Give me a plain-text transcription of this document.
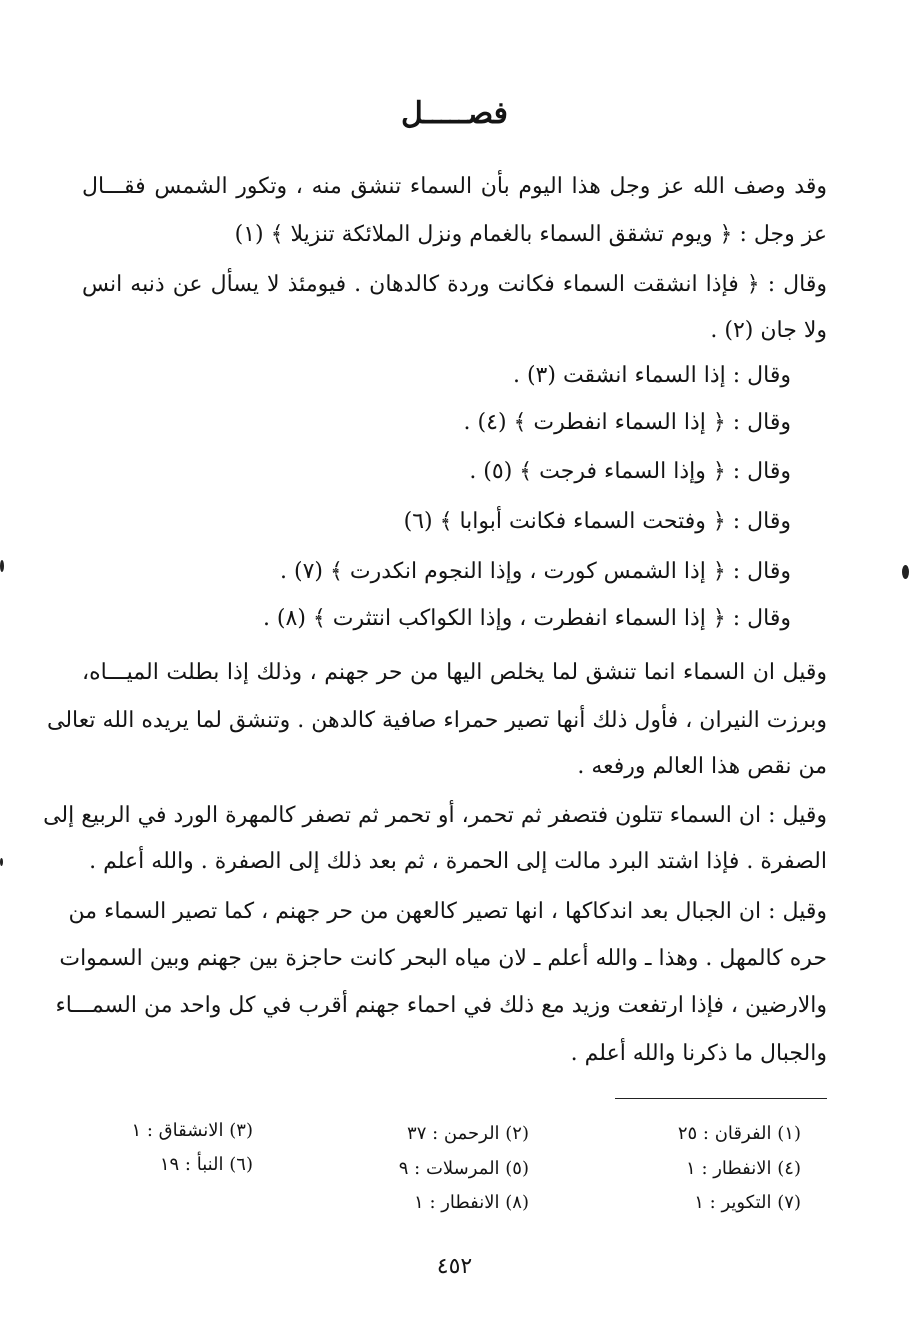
فصـــــل
وقد وصف الله عز وجل هذا اليوم بأن السماء تنشق منه ، وتكور الشمس فقـــال
عز وجل : ﴿ ويوم تشقق السماء بالغمام ونزل الملائكة تنزيلا ﴾ (١)
وقال : ﴿ فإذا انشقت السماء فكانت وردة كالدهان . فيومئذ لا يسأل عن ذنبه انس
ولا جان (٢) .
وقال : إذا السماء انشقت (٣) .
وقال : ﴿ إذا السماء انفطرت ﴾ (٤) .
وقال : ﴿ وإذا السماء فرجت ﴾ (٥) .
وقال : ﴿ وفتحت السماء فكانت أبوابا ﴾ (٦)
وقال : ﴿ إذا الشمس كورت ، وإذا النجوم انكدرت ﴾ (٧) .
وقال : ﴿ إذا السماء انفطرت ، وإذا الكواكب انتثرت ﴾ (٨) .
وقيل ان السماء انما تنشق لما يخلص اليها من حر جهنم ، وذلك إذا بطلت الميـــاه،
وبرزت النيران ، فأول ذلك أنها تصير حمراء صافية كالدهن . وتنشق لما يريده الله تعالى
من نقص هذا العالم ورفعه .
وقيل : ان السماء تتلون فتصفر ثم تحمر، أو تحمر ثم تصفر كالمهرة الورد في الربيع إلى
الصفرة . فإذا اشتد البرد مالت إلى الحمرة ، ثم بعد ذلك إلى الصفرة . والله أعلم .
وقيل : ان الجبال بعد اندكاكها ، انها تصير كالعهن من حر جهنم ، كما تصير السماء من
حره كالمهل . وهذا ـ والله أعلم ـ لان مياه البحر كانت حاجزة بين جهنم وبين السموات
والارضين ، فإذا ارتفعت وزيد مع ذلك في احماء جهنم أقرب في كل واحد من السمـــاء
والجبال ما ذكرنا والله أعلم .
(١) الفرقان : ٢٥
(٢) الرحمن : ٣٧
(٣) الانشقاق : ١
(٤) الانفطار : ١
(٥) المرسلات : ٩
(٦) النبأ : ١٩
(٧) التكوير : ١
(٨) الانفطار : ١
٤٥٢
